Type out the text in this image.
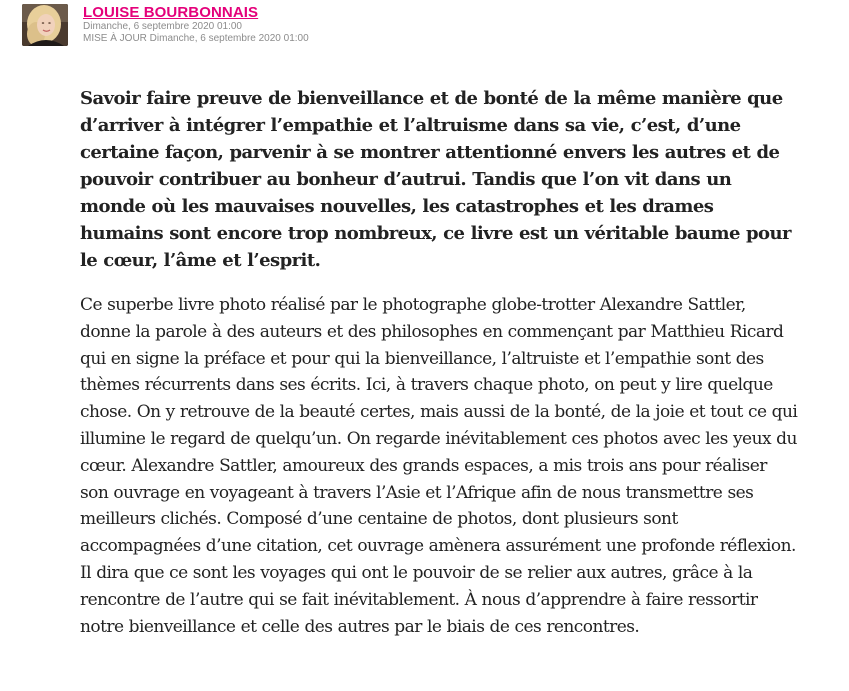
LOUISE BOURBONNAIS
Dimanche, 6 septembre 2020 01:00
MISE À JOUR Dimanche, 6 septembre 2020 01:00

Savoir faire preuve de bienveillance et de bonté de la même manière que d’arriver à intégrer l’empathie et l’altruisme dans sa vie, c’est, d’une certaine façon, parvenir à se montrer attentionné envers les autres et de pouvoir contribuer au bonheur d’autrui. Tandis que l’on vit dans un monde où les mauvaises nouvelles, les catastrophes et les drames humains sont encore trop nombreux, ce livre est un véritable baume pour le cœur, l’âme et l’esprit.

Ce superbe livre photo réalisé par le photographe globe-trotter Alexandre Sattler, donne la parole à des auteurs et des philosophes en commençant par Matthieu Ricard qui en signe la préface et pour qui la bienveillance, l’altruiste et l’empathie sont des thèmes récurrents dans ses écrits. Ici, à travers chaque photo, on peut y lire quelque chose. On y retrouve de la beauté certes, mais aussi de la bonté, de la joie et tout ce qui illumine le regard de quelqu’un. On regarde inévitablement ces photos avec les yeux du cœur. Alexandre Sattler, amoureux des grands espaces, a mis trois ans pour réaliser son ouvrage en voyageant à travers l’Asie et l’Afrique afin de nous transmettre ses meilleurs clichés. Composé d’une centaine de photos, dont plusieurs sont accompagnées d’une citation, cet ouvrage amènera assurément une profonde réflexion. Il dira que ce sont les voyages qui ont le pouvoir de se relier aux autres, grâce à la rencontre de l’autre qui se fait inévitablement. À nous d’apprendre à faire ressortir notre bienveillance et celle des autres par le biais de ces rencontres.
